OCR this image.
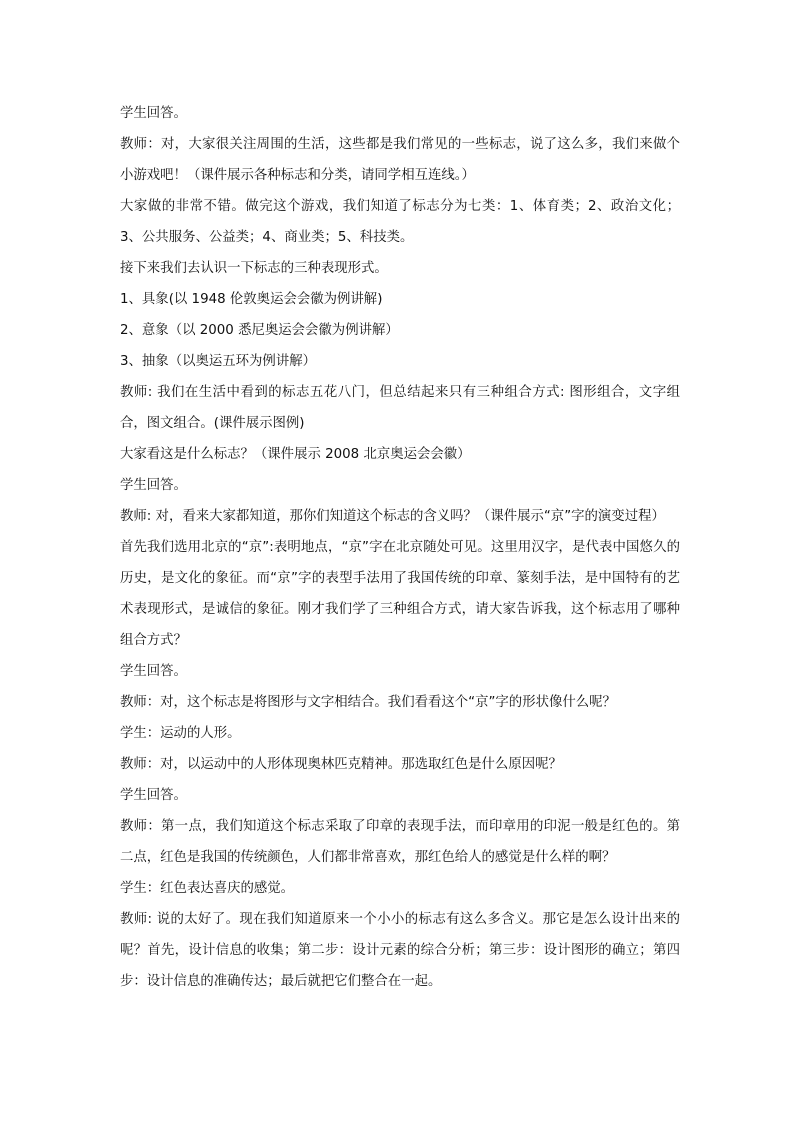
学生回答。

教师：对，大家很关注周围的生活，这些都是我们常见的一些标志，说了这么多，我们来做个小游戏吧！（课件展示各种标志和分类，请同学相互连线。）

大家做的非常不错。做完这个游戏，我们知道了标志分为七类：1、体育类；2、政治文化；3、公共服务、公益类；4、商业类；5、科技类。

接下来我们去认识一下标志的三种表现形式。

1、具象(以 1948 伦敦奥运会会徽为例讲解)

2、意象（以 2000 悉尼奥运会会徽为例讲解）

3、抽象（以奥运五环为例讲解）

教师: 我们在生活中看到的标志五花八门，但总结起来只有三种组合方式: 图形组合，文字组合，图文组合。(课件展示图例)

大家看这是什么标志？（课件展示 2008 北京奥运会会徽）

学生回答。

教师: 对，看来大家都知道，那你们知道这个标志的含义吗？（课件展示“京”字的演变过程）

首先我们选用北京的“京”:表明地点，“京”字在北京随处可见。这里用汉字，是代表中国悠久的历史，是文化的象征。而“京”字的表型手法用了我国传统的印章、篆刻手法，是中国特有的艺术表现形式，是诚信的象征。刚才我们学了三种组合方式，请大家告诉我，这个标志用了哪种组合方式？

学生回答。

教师：对，这个标志是将图形与文字相结合。我们看看这个“京”字的形状像什么呢？

学生：运动的人形。

教师：对，以运动中的人形体现奥林匹克精神。那选取红色是什么原因呢？

学生回答。

教师：第一点，我们知道这个标志采取了印章的表现手法，而印章用的印泥一般是红色的。第二点，红色是我国的传统颜色，人们都非常喜欢，那红色给人的感觉是什么样的啊？

学生：红色表达喜庆的感觉。

教师: 说的太好了。现在我们知道原来一个小小的标志有这么多含义。那它是怎么设计出来的呢？首先，设计信息的收集；第二步：设计元素的综合分析；第三步：设计图形的确立；第四步：设计信息的准确传达；最后就把它们整合在一起。
